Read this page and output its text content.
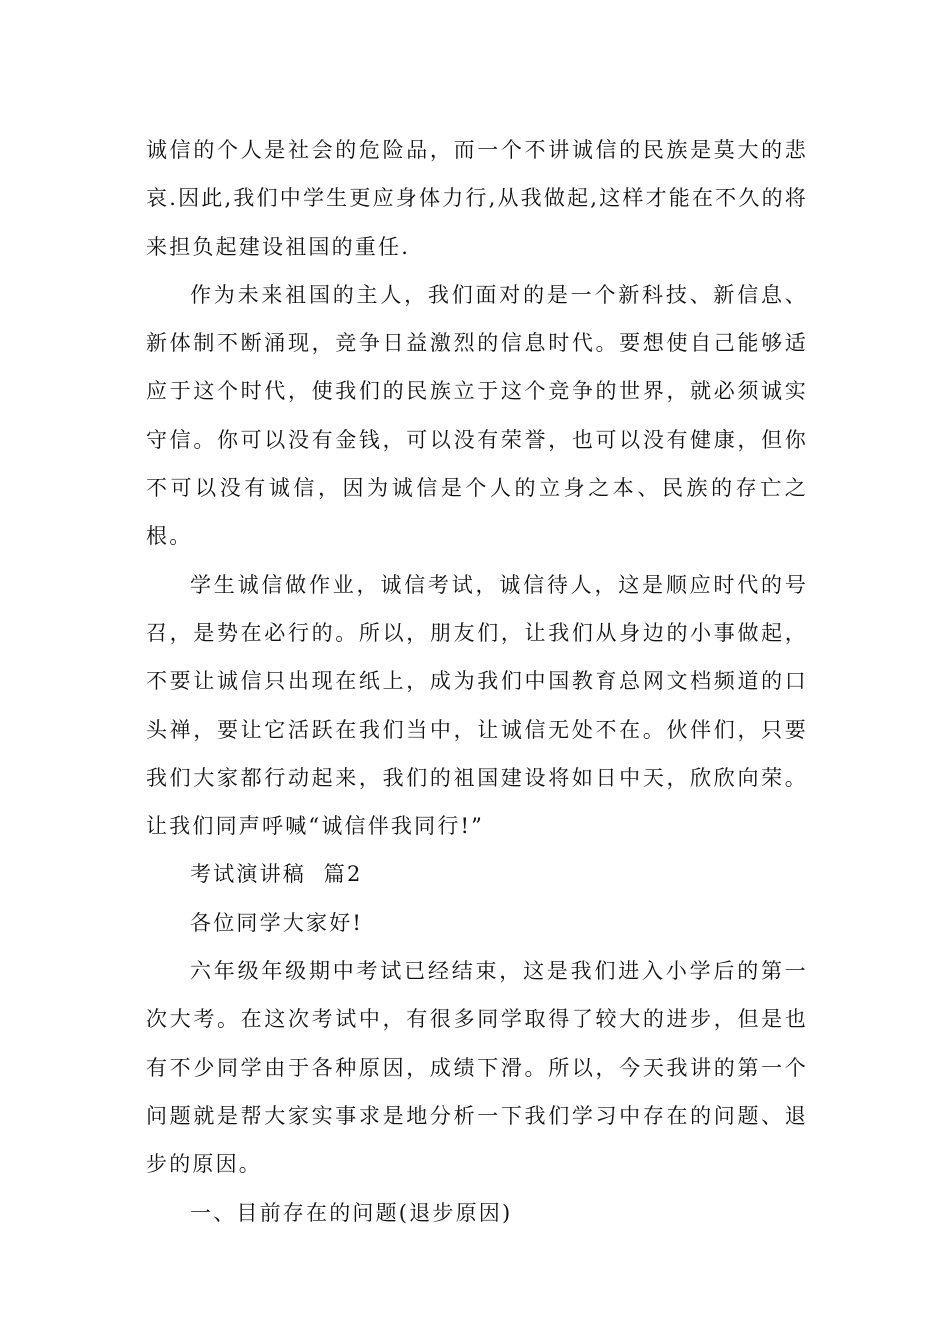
诚信的个人是社会的危险品，而一个不讲诚信的民族是莫大的悲哀.因此,我们中学生更应身体力行,从我做起,这样才能在不久的将来担负起建设祖国的重任.

作为未来祖国的主人，我们面对的是一个新科技、新信息、新体制不断涌现，竞争日益激烈的信息时代。要想使自己能够适应于这个时代，使我们的民族立于这个竞争的世界，就必须诚实守信。你可以没有金钱，可以没有荣誉，也可以没有健康，但你不可以没有诚信，因为诚信是个人的立身之本、民族的存亡之根。

学生诚信做作业，诚信考试，诚信待人，这是顺应时代的号召，是势在必行的。所以，朋友们，让我们从身边的小事做起，不要让诚信只出现在纸上，成为我们中国教育总网文档频道的口头禅，要让它活跃在我们当中，让诚信无处不在。伙伴们，只要我们大家都行动起来，我们的祖国建设将如日中天，欣欣向荣。让我们同声呼喊“诚信伴我同行!”

考试演讲稿  篇2

各位同学大家好!

六年级年级期中考试已经结束，这是我们进入小学后的第一次大考。在这次考试中，有很多同学取得了较大的进步，但是也有不少同学由于各种原因，成绩下滑。所以，今天我讲的第一个问题就是帮大家实事求是地分析一下我们学习中存在的问题、退步的原因。

一、目前存在的问题(退步原因)
